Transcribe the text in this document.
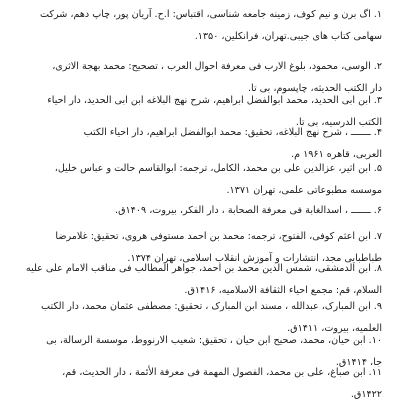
۱. اگ برن و نیم کوف، زمینه جامعه شناسی، اقتباس: ا.ح. آریان پور، چاپ دهم، شرکت
سهامی کتاب های جیبی.تهران، فرانکلین، ۱۳۵۰.
۲. الوسی، محمود، بلوغ الارب فی معرفة احوال العرب ، تصحیح: محمد بهجة الاثری،
دار الکتب الحدیثه، چاپسوم، بی تا.
۳. ابن ابی الحدید، محمد ابوالفضل ابراهیم، شرح نهج البلاغه ابن ابی الحدید، دار احیاء
الکتب الدرسیه، بی تا.
۴. ـــــــ ، شرح نهج البلاغه، تحقیق: محمد ابوالفضل ابراهیم، دار احیاء الکتب
العربی، قاهره ۱۹۶۱ م.
۵. ابن اثیر، عزالدین علی بن محمد، الکامل، ترجمه: ابوالقاسم حالت و عباس خلیل،
موسسه مطبوعاتی علمی، تهران ۱۳۷۱.
۶. ـــــــ ، اسدالغابة فی معرفة الصحابة ، دار الفکر، بیروت، ۱۴۰۹ق.
۷. ابن اعثم کوفی، الفتوح، ترجمه: محمد بن احمد مستوفی هروی، تحقیق: غلامرضا
طباطبایی مجد، انتشارات و آموزش انقلاب اسلامی، تهران ۱۳۷۴.
۸. ابن الدمشقی، شمس الدین محمد بن احمد، جواهر المطالب فی مناقب الامام علی علیه
السلام، قم: مجمع احیاء الثقافة الاسلامیه، ۱۴۱۶ق.
۹. ابن المبارک، عبدالله ، مسند ابن المبارک ، تحقیق: مصطفی عثمان محمد، دار الکتب
العلمیه، بیروت، ۱۴۱۱ق.
۱۰. ابن حیان، محمد، صحیح ابن حیان ، تحقیق: شعیب الارنووط، موسسة الرسالة، بی
جا، ۱۴۱۴ق.
۱۱. ابن صباغ، علی بن محمد، الفصول المهمة فی معرفة الأئمة ، دار الحدیث، قم،
۱۴۲۲ق.
